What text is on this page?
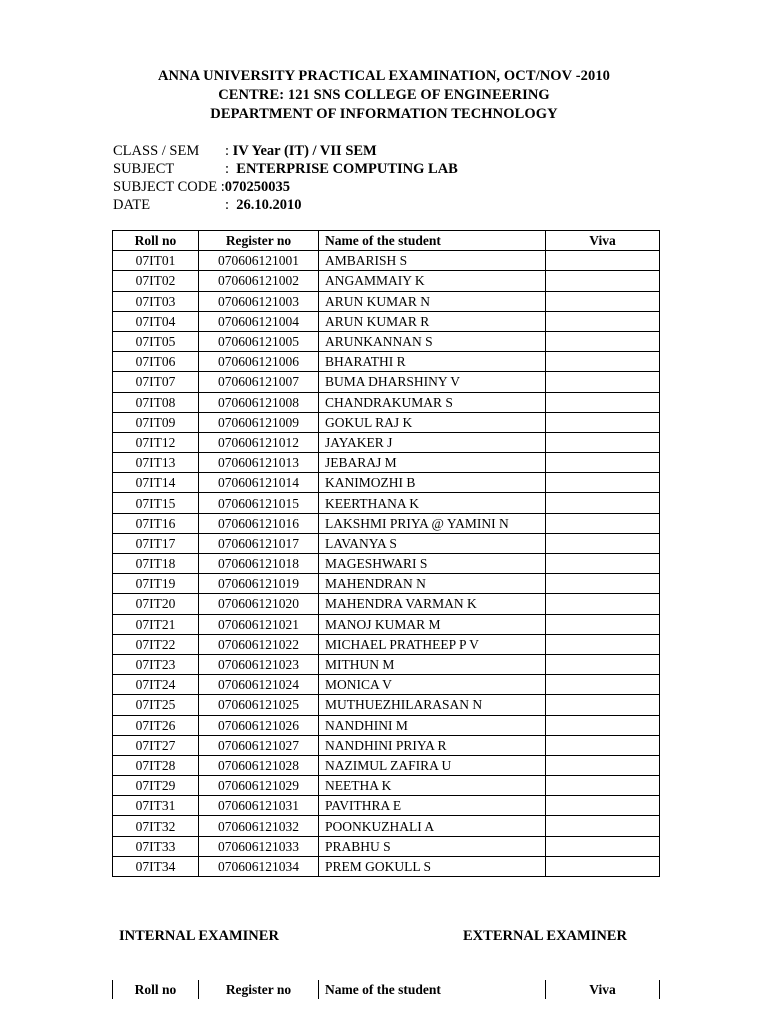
ANNA UNIVERSITY PRACTICAL EXAMINATION, OCT/NOV -2010
CENTRE: 121 SNS COLLEGE OF ENGINEERING
DEPARTMENT OF INFORMATION TECHNOLOGY
CLASS / SEM : IV Year (IT) / VII SEM
SUBJECT	: ENTERPRISE COMPUTING LAB
SUBJECT CODE :070250035
DATE	: 26.10.2010
Roll no	Register no	Name of the student	Viva
07IT01	070606121001	AMBARISH S	
07IT02	070606121002	ANGAMMAIY K	
07IT03	070606121003	ARUN KUMAR N	
07IT04	070606121004	ARUN KUMAR R	
07IT05	070606121005	ARUNKANNAN S	
07IT06	070606121006	BHARATHI R	
07IT07	070606121007	BUMA DHARSHINY V	
07IT08	070606121008	CHANDRAKUMAR S	
07IT09	070606121009	GOKUL RAJ K	
07IT12	070606121012	JAYAKER J	
07IT13	070606121013	JEBARAJ M	
07IT14	070606121014	KANIMOZHI B	
07IT15	070606121015	KEERTHANA K	
07IT16	070606121016	LAKSHMI PRIYA @ YAMINI N	
07IT17	070606121017	LAVANYA S	
07IT18	070606121018	MAGESHWARI S	
07IT19	070606121019	MAHENDRAN N	
07IT20	070606121020	MAHENDRA VARMAN K	
07IT21	070606121021	MANOJ KUMAR M	
07IT22	070606121022	MICHAEL PRATHEEP P V	
07IT23	070606121023	MITHUN M	
07IT24	070606121024	MONICA V	
07IT25	070606121025	MUTHUEZHILARASAN N	
07IT26	070606121026	NANDHINI M	
07IT27	070606121027	NANDHINI PRIYA R	
07IT28	070606121028	NAZIMUL ZAFIRA U	
07IT29	070606121029	NEETHA K	
07IT31	070606121031	PAVITHRA E	
07IT32	070606121032	POONKUZHALI A	
07IT33	070606121033	PRABHU S	
07IT34	070606121034	PREM GOKULL S	
INTERNAL EXAMINER	EXTERNAL EXAMINER
Roll no	Register no	Name of the student	Viva
